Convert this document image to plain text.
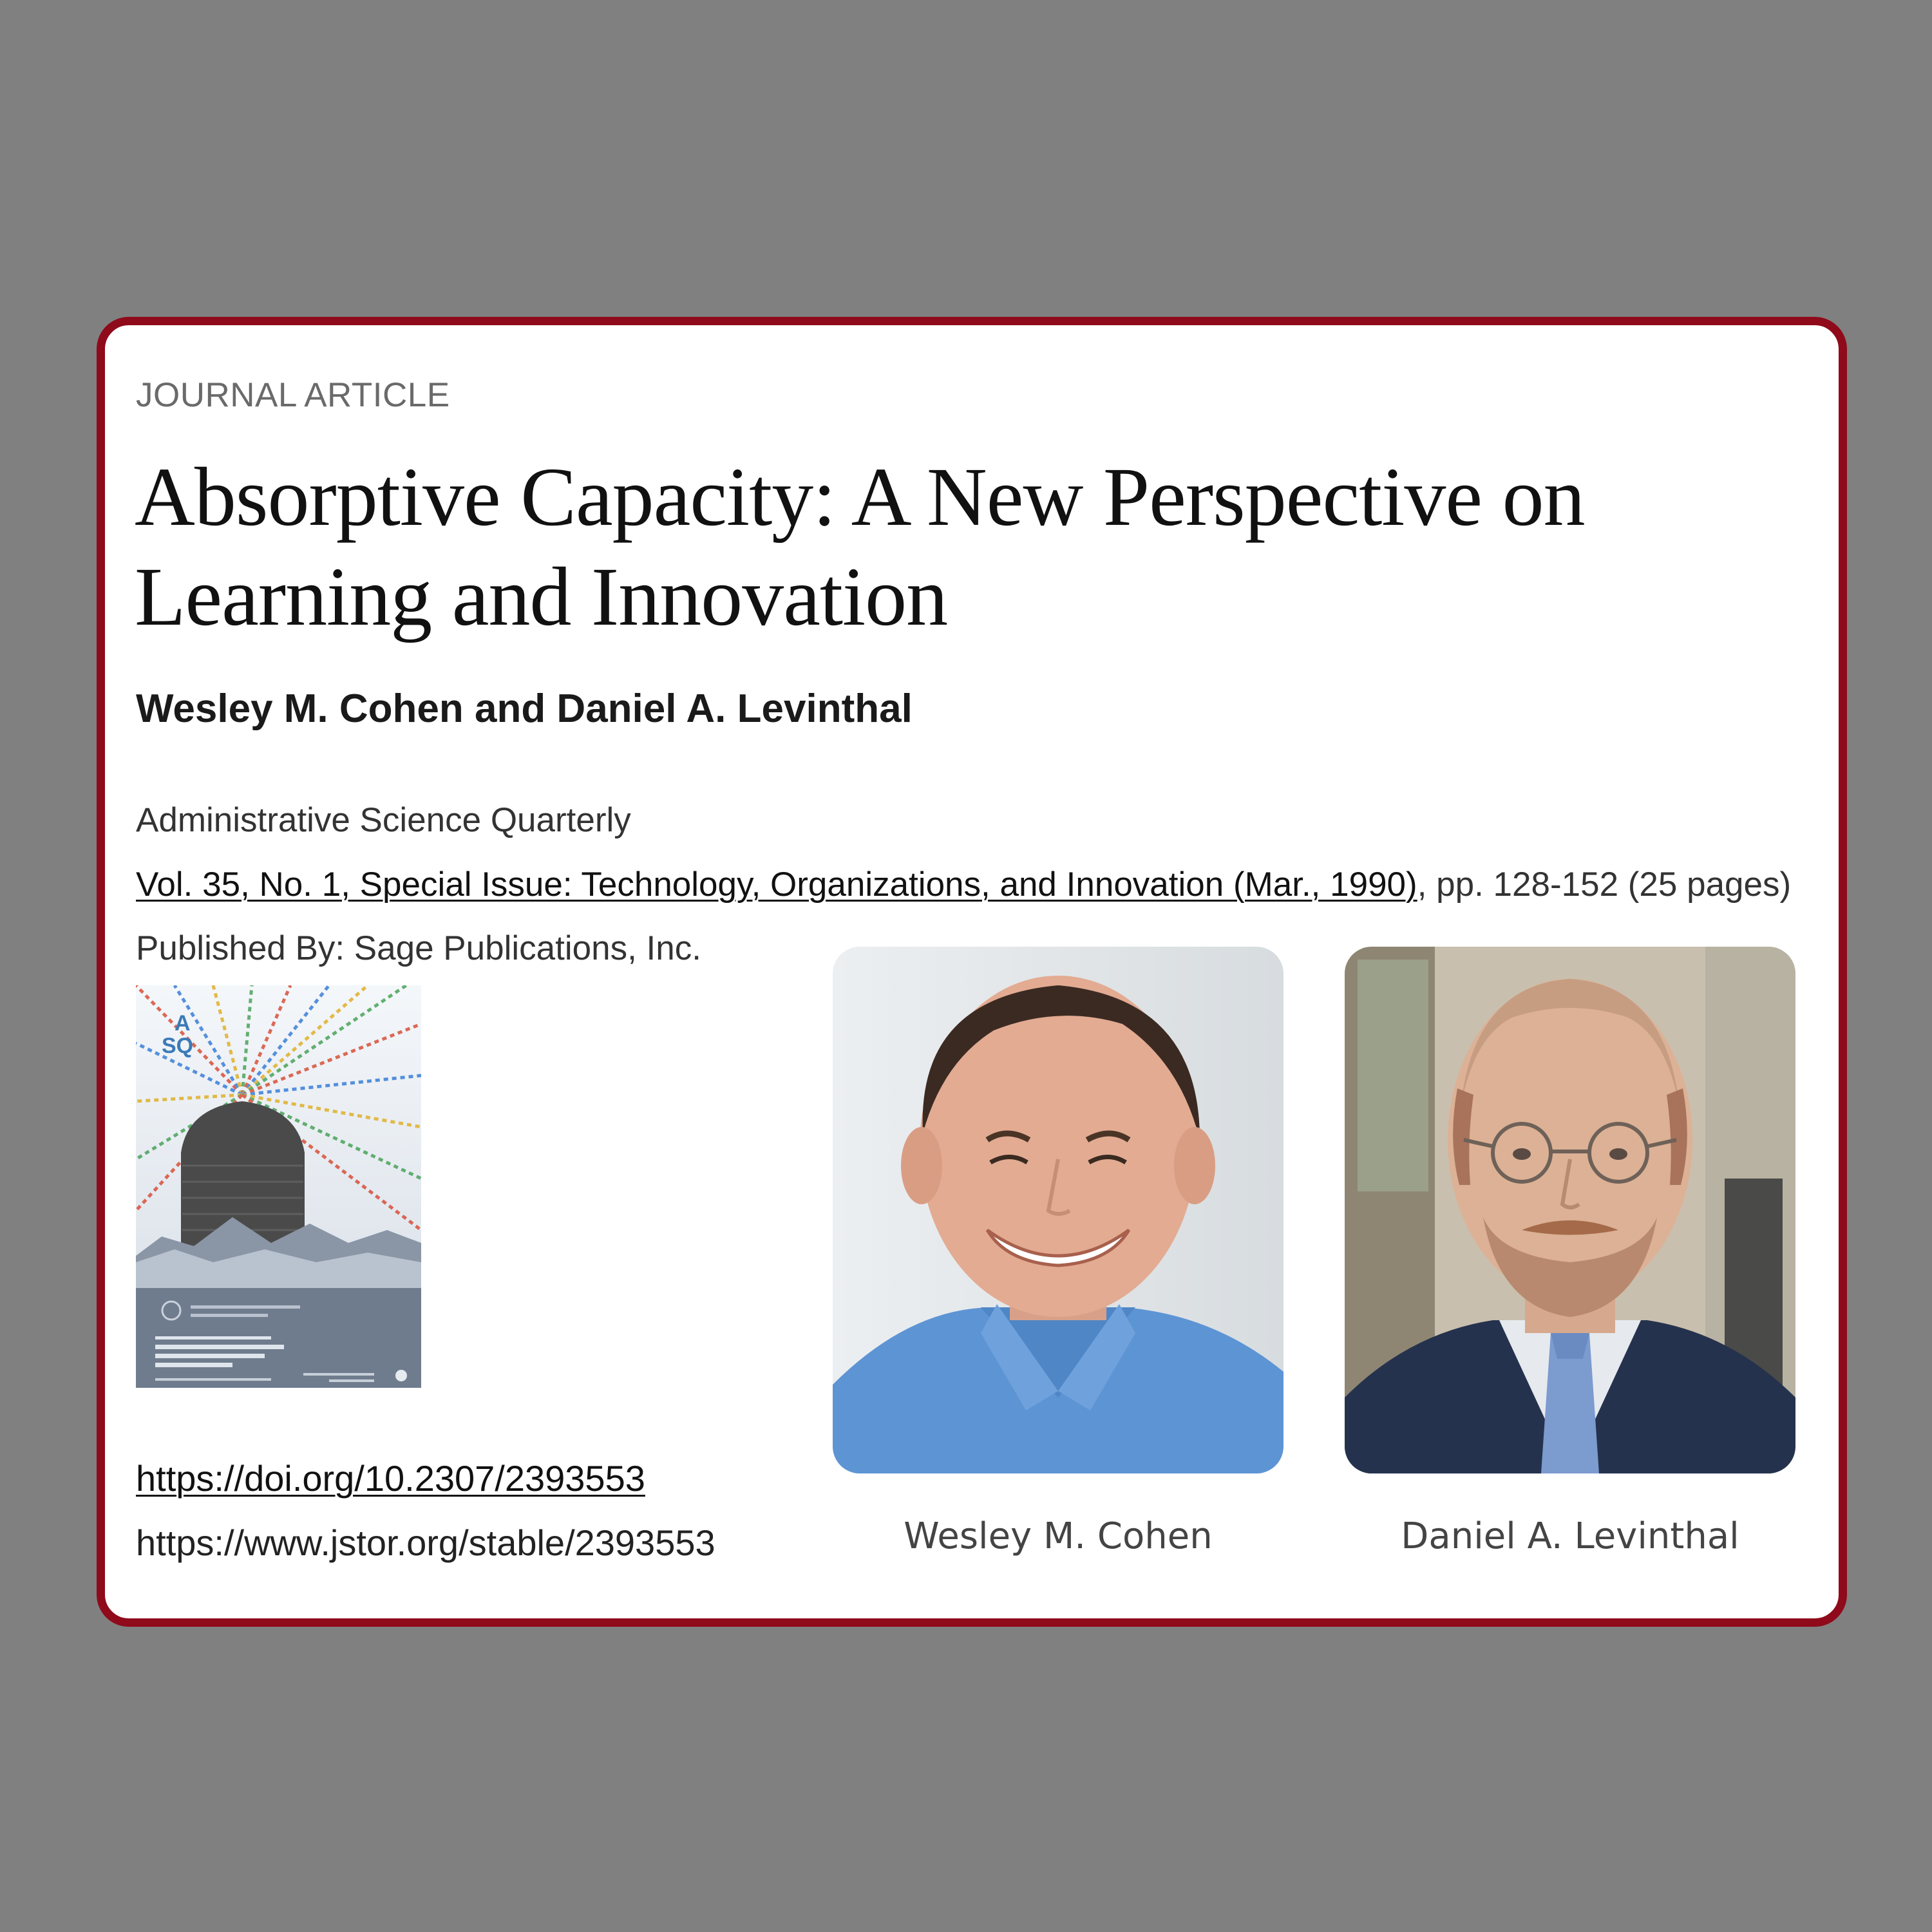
JOURNAL ARTICLE
Absorptive Capacity: A New Perspective on Learning and Innovation
Wesley M. Cohen and Daniel A. Levinthal
Administrative Science Quarterly
Vol. 35, No. 1, Special Issue: Technology, Organizations, and Innovation (Mar., 1990), pp. 128-152 (25 pages)
Published By: Sage Publications, Inc.
A
SQ
https://doi.org/10.2307/2393553
https://www.jstor.org/stable/2393553	Wesley M. Cohen	Daniel A. Levinthal
